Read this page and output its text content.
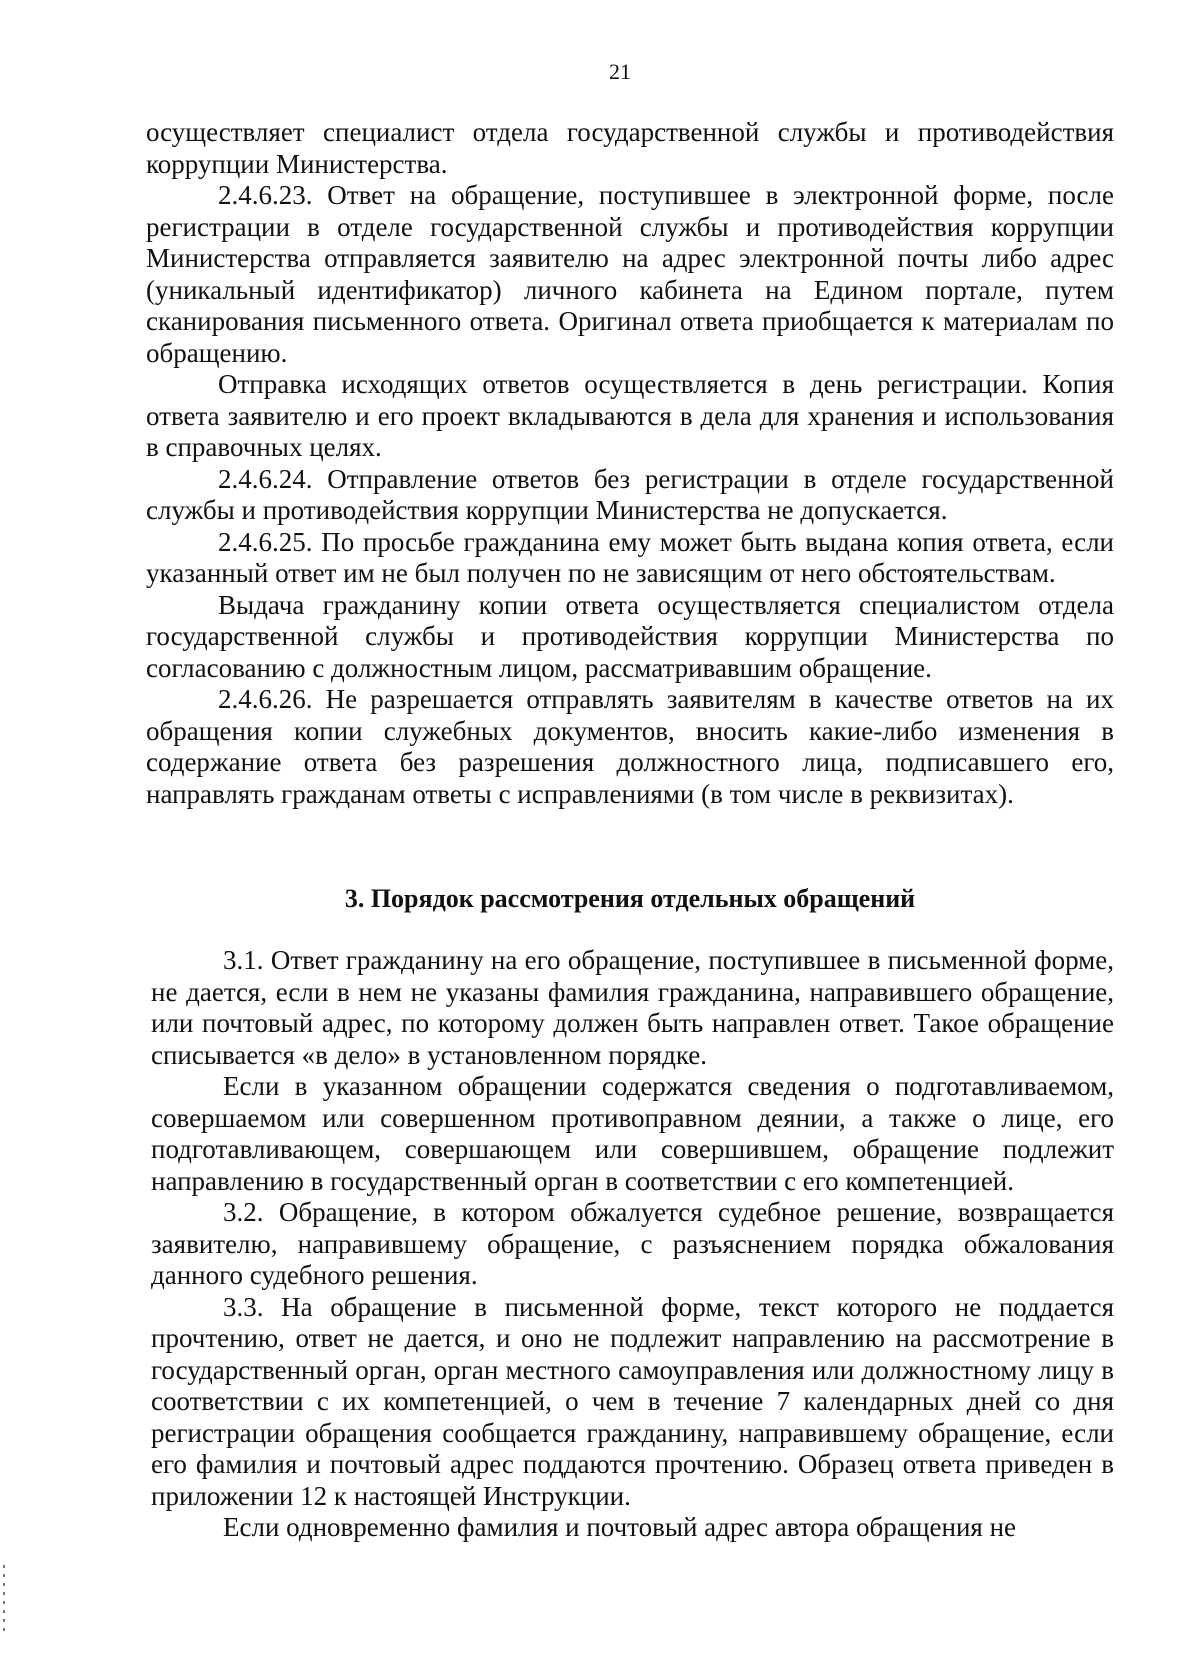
21

осуществляет специалист отдела государственной службы и противодействия коррупции Министерства.

2.4.6.23. Ответ на обращение, поступившее в электронной форме, после регистрации в отделе государственной службы и противодействия коррупции Министерства отправляется заявителю на адрес электронной почты либо адрес (уникальный идентификатор) личного кабинета на Едином портале, путем сканирования письменного ответа. Оригинал ответа приобщается к материалам по обращению.

Отправка исходящих ответов осуществляется в день регистрации. Копия ответа заявителю и его проект вкладываются в дела для хранения и использования в справочных целях.

2.4.6.24. Отправление ответов без регистрации в отделе государственной службы и противодействия коррупции Министерства не допускается.

2.4.6.25. По просьбе гражданина ему может быть выдана копия ответа, если указанный ответ им не был получен по не зависящим от него обстоятельствам.

Выдача гражданину копии ответа осуществляется специалистом отдела государственной службы и противодействия коррупции Министерства по согласованию с должностным лицом, рассматривавшим обращение.

2.4.6.26. Не разрешается отправлять заявителям в качестве ответов на их обращения копии служебных документов, вносить какие-либо изменения в содержание ответа без разрешения должностного лица, подписавшего его, направлять гражданам ответы с исправлениями (в том числе в реквизитах).

3. Порядок рассмотрения отдельных обращений

3.1. Ответ гражданину на его обращение, поступившее в письменной форме, не дается, если в нем не указаны фамилия гражданина, направившего обращение, или почтовый адрес, по которому должен быть направлен ответ. Такое обращение списывается «в дело» в установленном порядке.

Если в указанном обращении содержатся сведения о подготавливаемом, совершаемом или совершенном противоправном деянии, а также о лице, его подготавливающем, совершающем или совершившем, обращение подлежит направлению в государственный орган в соответствии с его компетенцией.

3.2. Обращение, в котором обжалуется судебное решение, возвращается заявителю, направившему обращение, с разъяснением порядка обжалования данного судебного решения.

3.3. На обращение в письменной форме, текст которого не поддается прочтению, ответ не дается, и оно не подлежит направлению на рассмотрение в государственный орган, орган местного самоуправления или должностному лицу в соответствии с их компетенцией, о чем в течение 7 календарных дней со дня регистрации обращения сообщается гражданину, направившему обращение, если его фамилия и почтовый адрес поддаются прочтению. Образец ответа приведен в приложении 12 к настоящей Инструкции.

Если одновременно фамилия и почтовый адрес автора обращения не
